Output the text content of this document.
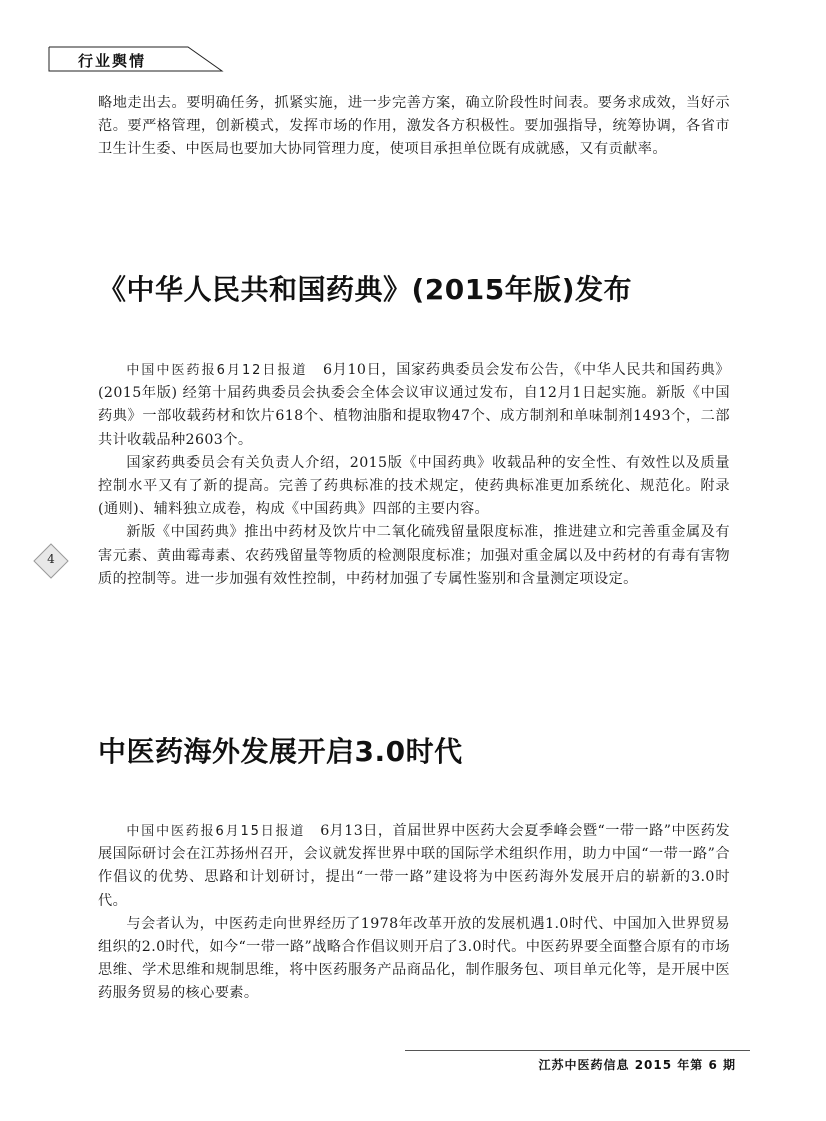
行业舆情
4

略地走出去。要明确任务，抓紧实施，进一步完善方案，确立阶段性时间表。要务求成效，当好示范。要严格管理，创新模式，发挥市场的作用，激发各方积极性。要加强指导，统筹协调，各省市卫生计生委、中医局也要加大协同管理力度，使项目承担单位既有成就感，又有贡献率。

《中华人民共和国药典》(2015年版)发布

中国中医药报6月12日报道 6月10日，国家药典委员会发布公告，《中华人民共和国药典》(2015年版) 经第十届药典委员会执委会全体会议审议通过发布，自12月1日起实施。新版《中国药典》一部收载药材和饮片618个、植物油脂和提取物47个、成方制剂和单味制剂1493个，二部共计收载品种2603个。

国家药典委员会有关负责人介绍，2015版《中国药典》收载品种的安全性、有效性以及质量控制水平又有了新的提高。完善了药典标准的技术规定，使药典标准更加系统化、规范化。附录(通则)、辅料独立成卷，构成《中国药典》四部的主要内容。

新版《中国药典》推出中药材及饮片中二氧化硫残留量限度标准，推进建立和完善重金属及有害元素、黄曲霉毒素、农药残留量等物质的检测限度标准；加强对重金属以及中药材的有毒有害物质的控制等。进一步加强有效性控制，中药材加强了专属性鉴别和含量测定项设定。

中医药海外发展开启3.0时代

中国中医药报6月15日报道 6月13日，首届世界中医药大会夏季峰会暨“一带一路”中医药发展国际研讨会在江苏扬州召开，会议就发挥世界中联的国际学术组织作用，助力中国“一带一路”合作倡议的优势、思路和计划研讨，提出“一带一路”建设将为中医药海外发展开启的崭新的3.0时代。

与会者认为，中医药走向世界经历了1978年改革开放的发展机遇1.0时代、中国加入世界贸易组织的2.0时代，如今“一带一路”战略合作倡议则开启了3.0时代。中医药界要全面整合原有的市场思维、学术思维和规制思维，将中医药服务产品商品化，制作服务包、项目单元化等，是开展中医药服务贸易的核心要素。

江苏中医药信息 2015 年第 6 期
